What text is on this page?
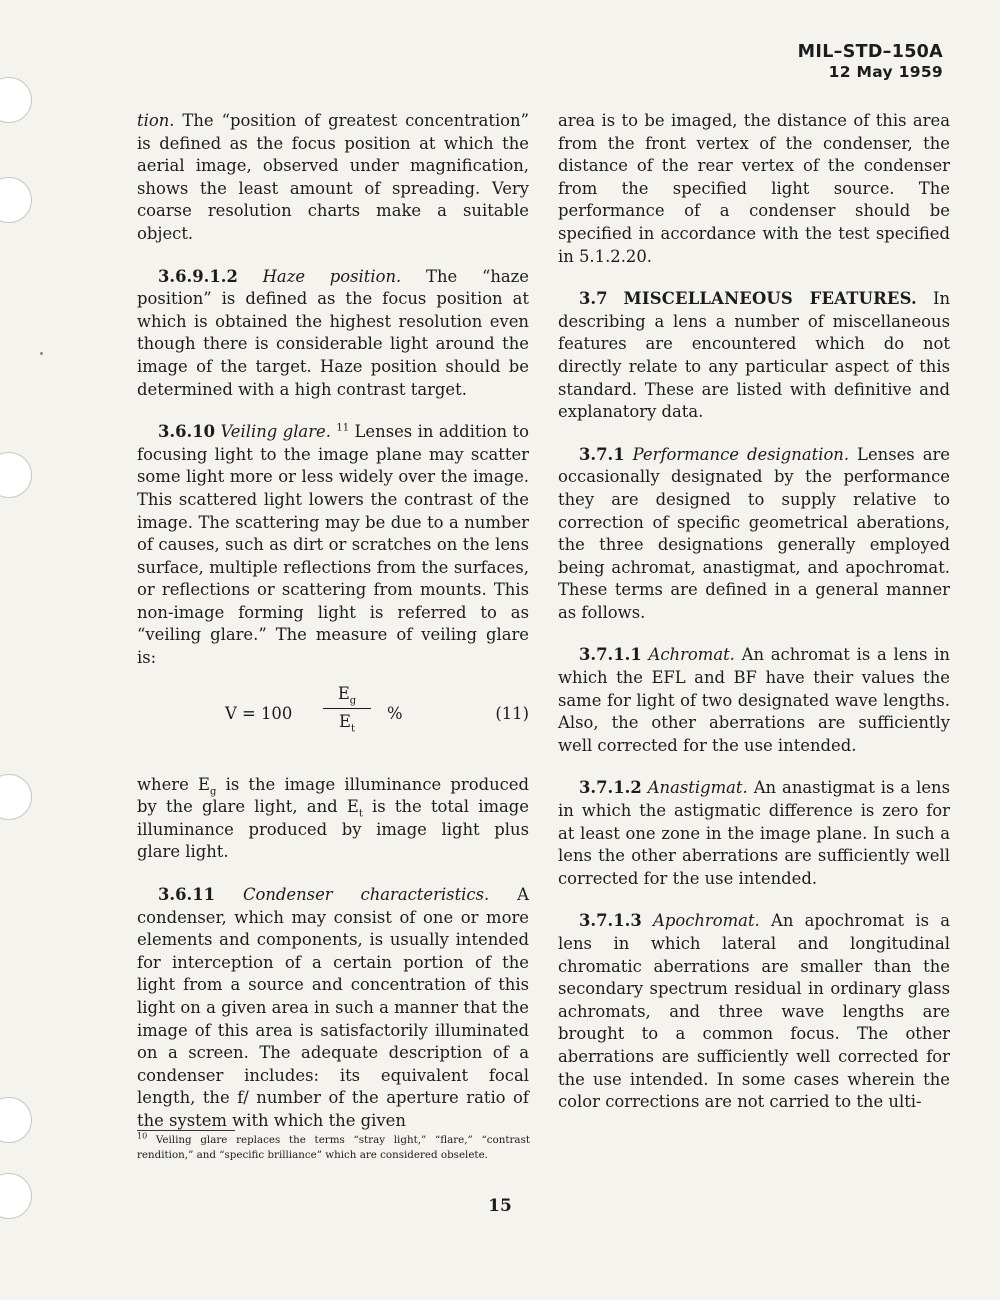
MIL–STD–150A
12 May 1959

tion. The “position of greatest concentration” is defined as the focus position at which the aerial image, observed under magnification, shows the least amount of spreading. Very coarse resolution charts make a suitable object.

3.6.9.1.2 Haze position. The “haze position” is defined as the focus position at which is obtained the highest resolution even though there is considerable light around the image of the target. Haze position should be determined with a high contrast target.

3.6.10 Veiling glare. $^{11}$ Lenses in addition to focusing light to the image plane may scatter some light more or less widely over the image. This scattered light lowers the contrast of the image. The scattering may be due to a number of causes, such as dirt or scratches on the lens surface, multiple reflections from the surfaces, or reflections or scattering from mounts. This non-image forming light is referred to as “veiling glare.” The measure of veiling glare is:

V = 100
$E_g$
$E_t$
%	(11)

where $E_g$ is the image illuminance produced by the glare light, and $E_t$ is the total image illuminance produced by image light plus glare light.

3.6.11 Condenser characteristics. A condenser, which may consist of one or more elements and components, is usually intended for interception of a certain portion of the light from a source and concentration of this light on a given area in such a manner that the image of this area is satisfactorily illuminated on a screen. The adequate description of a condenser includes: its equivalent focal length, the f/ number of the aperture ratio of the system with which the given

$^{10}$ Veiling glare replaces the terms “stray light,” “flare,” “contrast rendition,” and “specific brilliance” which are considered obselete.

area is to be imaged, the distance of this area from the front vertex of the condenser, the distance of the rear vertex of the condenser from the specified light source. The performance of a condenser should be specified in accordance with the test specified in 5.1.2.20.

3.7 MISCELLANEOUS FEATURES. In describing a lens a number of miscellaneous features are encountered which do not directly relate to any particular aspect of this standard. These are listed with definitive and explanatory data.

3.7.1 Performance designation. Lenses are occasionally designated by the performance they are designed to supply relative to correction of specific geometrical aberations, the three designations generally employed being achromat, anastigmat, and apochromat. These terms are defined in a general manner as follows.

3.7.1.1 Achromat. An achromat is a lens in which the EFL and BF have their values the same for light of two designated wave lengths. Also, the other aberrations are sufficiently well corrected for the use intended.

3.7.1.2 Anastigmat. An anastigmat is a lens in which the astigmatic difference is zero for at least one zone in the image plane. In such a lens the other aberrations are sufficiently well corrected for the use intended.

3.7.1.3 Apochromat. An apochromat is a lens in which lateral and longitudinal chromatic aberrations are smaller than the secondary spectrum residual in ordinary glass achromats, and three wave lengths are brought to a common focus. The other aberrations are sufficiently well corrected for the use intended. In some cases wherein the color corrections are not carried to the ulti-

15
